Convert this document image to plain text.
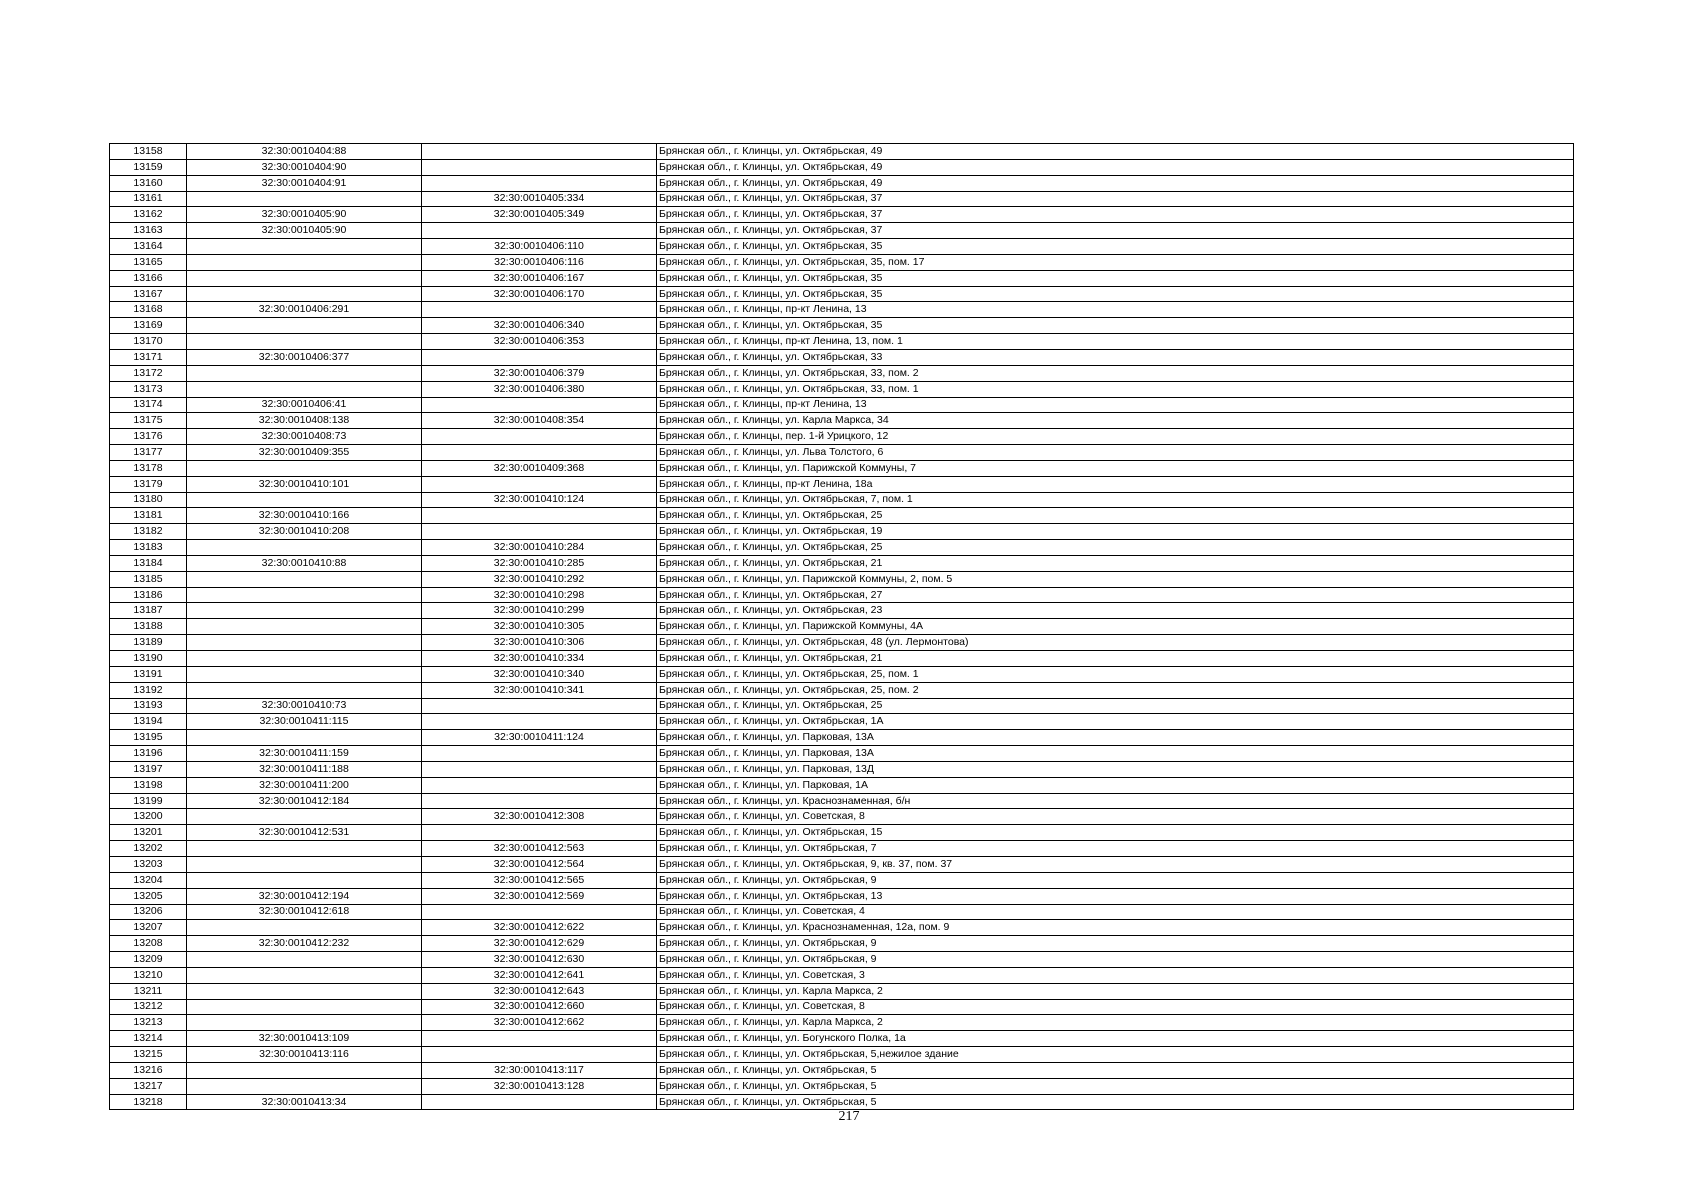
13158	32:30:0010404:88		Брянская обл., г. Клинцы, ул. Октябрьская, 49
13159	32:30:0010404:90		Брянская обл., г. Клинцы, ул. Октябрьская, 49
13160	32:30:0010404:91		Брянская обл., г. Клинцы, ул. Октябрьская, 49
13161		32:30:0010405:334	Брянская обл., г. Клинцы, ул. Октябрьская, 37
13162	32:30:0010405:90	32:30:0010405:349	Брянская обл., г. Клинцы, ул. Октябрьская, 37
13163	32:30:0010405:90		Брянская обл., г. Клинцы, ул. Октябрьская, 37
13164		32:30:0010406:110	Брянская обл., г. Клинцы, ул. Октябрьская, 35
13165		32:30:0010406:116	Брянская обл., г. Клинцы, ул. Октябрьская, 35, пом. 17
13166		32:30:0010406:167	Брянская обл., г. Клинцы, ул. Октябрьская, 35
13167		32:30:0010406:170	Брянская обл., г. Клинцы, ул. Октябрьская, 35
13168	32:30:0010406:291		Брянская обл., г. Клинцы, пр-кт Ленина, 13
13169		32:30:0010406:340	Брянская обл., г. Клинцы, ул. Октябрьская, 35
13170		32:30:0010406:353	Брянская обл., г. Клинцы, пр-кт Ленина, 13, пом. 1
13171	32:30:0010406:377		Брянская обл., г. Клинцы, ул. Октябрьская, 33
13172		32:30:0010406:379	Брянская обл., г. Клинцы, ул. Октябрьская, 33, пом. 2
13173		32:30:0010406:380	Брянская обл., г. Клинцы, ул. Октябрьская, 33, пом. 1
13174	32:30:0010406:41		Брянская обл., г. Клинцы, пр-кт Ленина, 13
13175	32:30:0010408:138	32:30:0010408:354	Брянская обл., г. Клинцы, ул. Карла Маркса, 34
13176	32:30:0010408:73		Брянская обл., г. Клинцы, пер. 1-й Урицкого, 12
13177	32:30:0010409:355		Брянская обл., г. Клинцы, ул. Льва Толстого, 6
13178		32:30:0010409:368	Брянская обл., г. Клинцы, ул. Парижской Коммуны, 7
13179	32:30:0010410:101		Брянская обл., г. Клинцы, пр-кт Ленина, 18а
13180		32:30:0010410:124	Брянская обл., г. Клинцы, ул. Октябрьская, 7, пом. 1
13181	32:30:0010410:166		Брянская обл., г. Клинцы, ул. Октябрьская, 25
13182	32:30:0010410:208		Брянская обл., г. Клинцы, ул. Октябрьская, 19
13183		32:30:0010410:284	Брянская обл., г. Клинцы, ул. Октябрьская, 25
13184	32:30:0010410:88	32:30:0010410:285	Брянская обл., г. Клинцы, ул. Октябрьская, 21
13185		32:30:0010410:292	Брянская обл., г. Клинцы, ул. Парижской Коммуны, 2, пом. 5
13186		32:30:0010410:298	Брянская обл., г. Клинцы, ул. Октябрьская, 27
13187		32:30:0010410:299	Брянская обл., г. Клинцы, ул. Октябрьская, 23
13188		32:30:0010410:305	Брянская обл., г. Клинцы, ул. Парижской Коммуны, 4А
13189		32:30:0010410:306	Брянская обл., г. Клинцы, ул. Октябрьская, 48 (ул. Лермонтова)
13190		32:30:0010410:334	Брянская обл., г. Клинцы, ул. Октябрьская, 21
13191		32:30:0010410:340	Брянская обл., г. Клинцы, ул. Октябрьская, 25, пом. 1
13192		32:30:0010410:341	Брянская обл., г. Клинцы, ул. Октябрьская, 25, пом. 2
13193	32:30:0010410:73		Брянская обл., г. Клинцы, ул. Октябрьская, 25
13194	32:30:0010411:115		Брянская обл., г. Клинцы, ул. Октябрьская, 1А
13195		32:30:0010411:124	Брянская обл., г. Клинцы, ул. Парковая, 13А
13196	32:30:0010411:159		Брянская обл., г. Клинцы, ул. Парковая, 13А
13197	32:30:0010411:188		Брянская обл., г. Клинцы, ул. Парковая, 13Д
13198	32:30:0010411:200		Брянская обл., г. Клинцы, ул. Парковая, 1А
13199	32:30:0010412:184		Брянская обл., г. Клинцы, ул. Краснознаменная, б/н
13200		32:30:0010412:308	Брянская обл., г. Клинцы, ул. Советская, 8
13201	32:30:0010412:531		Брянская обл., г. Клинцы, ул. Октябрьская, 15
13202		32:30:0010412:563	Брянская обл., г. Клинцы, ул. Октябрьская, 7
13203		32:30:0010412:564	Брянская обл., г. Клинцы, ул. Октябрьская, 9, кв. 37, пом. 37
13204		32:30:0010412:565	Брянская обл., г. Клинцы, ул. Октябрьская, 9
13205	32:30:0010412:194	32:30:0010412:569	Брянская обл., г. Клинцы, ул. Октябрьская, 13
13206	32:30:0010412:618		Брянская обл., г. Клинцы, ул. Советская, 4
13207		32:30:0010412:622	Брянская обл., г. Клинцы, ул. Краснознаменная, 12а, пом. 9
13208	32:30:0010412:232	32:30:0010412:629	Брянская обл., г. Клинцы, ул. Октябрьская, 9
13209		32:30:0010412:630	Брянская обл., г. Клинцы, ул. Октябрьская, 9
13210		32:30:0010412:641	Брянская обл., г. Клинцы, ул. Советская, 3
13211		32:30:0010412:643	Брянская обл., г. Клинцы, ул. Карла Маркса, 2
13212		32:30:0010412:660	Брянская обл., г. Клинцы, ул. Советская, 8
13213		32:30:0010412:662	Брянская обл., г. Клинцы, ул. Карла Маркса, 2
13214	32:30:0010413:109		Брянская обл., г. Клинцы, ул. Богунского Полка, 1а
13215	32:30:0010413:116		Брянская обл., г. Клинцы, ул. Октябрьская, 5,нежилое здание
13216		32:30:0010413:117	Брянская обл., г. Клинцы, ул. Октябрьская, 5
13217		32:30:0010413:128	Брянская обл., г. Клинцы, ул. Октябрьская, 5
13218	32:30:0010413:34		Брянская обл., г. Клинцы, ул. Октябрьская, 5
217
